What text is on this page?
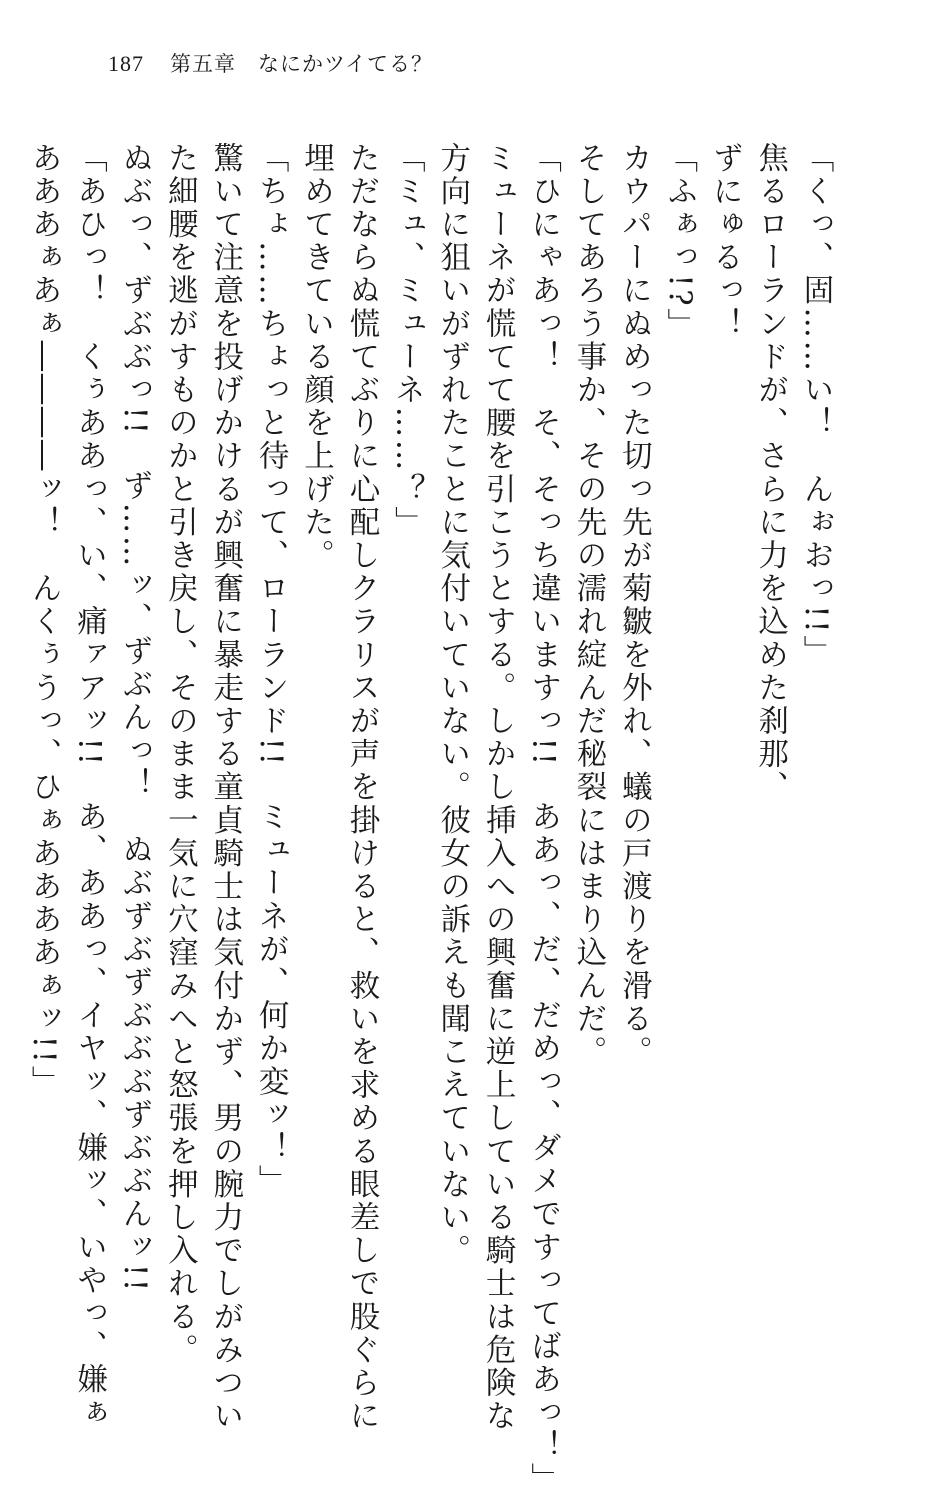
187 第五章 なにかツイてる？
「くっ、固……い！　んぉおっ!!」
焦るローランドが、さらに力を込めた刹那、
ずにゅるっ！
「ふぁっ!?」
カウパーにぬめった切っ先が菊皺を外れ、蟻の戸渡りを滑る。
そしてあろう事か、その先の濡れ綻んだ秘裂にはまり込んだ。
「ひにゃあっ！　そ、そっち違いますっ!!　ああっ、だ、だめっ、ダメですってばあっ！」
ミューネが慌てて腰を引こうとする。しかし挿入への興奮に逆上している騎士は危険な
方向に狙いがずれたことに気付いていない。彼女の訴えも聞こえていない。
「ミュ、ミューネ……？」
ただならぬ慌てぶりに心配しクラリスが声を掛けると、救いを求める眼差しで股ぐらに
埋めてきている顔を上げた。
「ちょ……ちょっと待って、ローランド!!　ミューネが、何か変ッ！」
驚いて注意を投げかけるが興奮に暴走する童貞騎士は気付かず、男の腕力でしがみつい
た細腰を逃がすものかと引き戻し、そのまま一気に穴窪みへと怒張を押し入れる。
ぬぶっ、ずぶぶっ!!　ず……ッ、ずぶんっ！　ぬぶずぶずぶぶぶずぶぶんッ!!
「あひっ！　くぅああっ、い、痛ァアッ!!　あ、ああっ、イヤッ、嫌ッ、いやっ、嫌ぁ
あああぁあぁ――――ッ！　んくぅうっ、ひぁああああぁッ!!」
